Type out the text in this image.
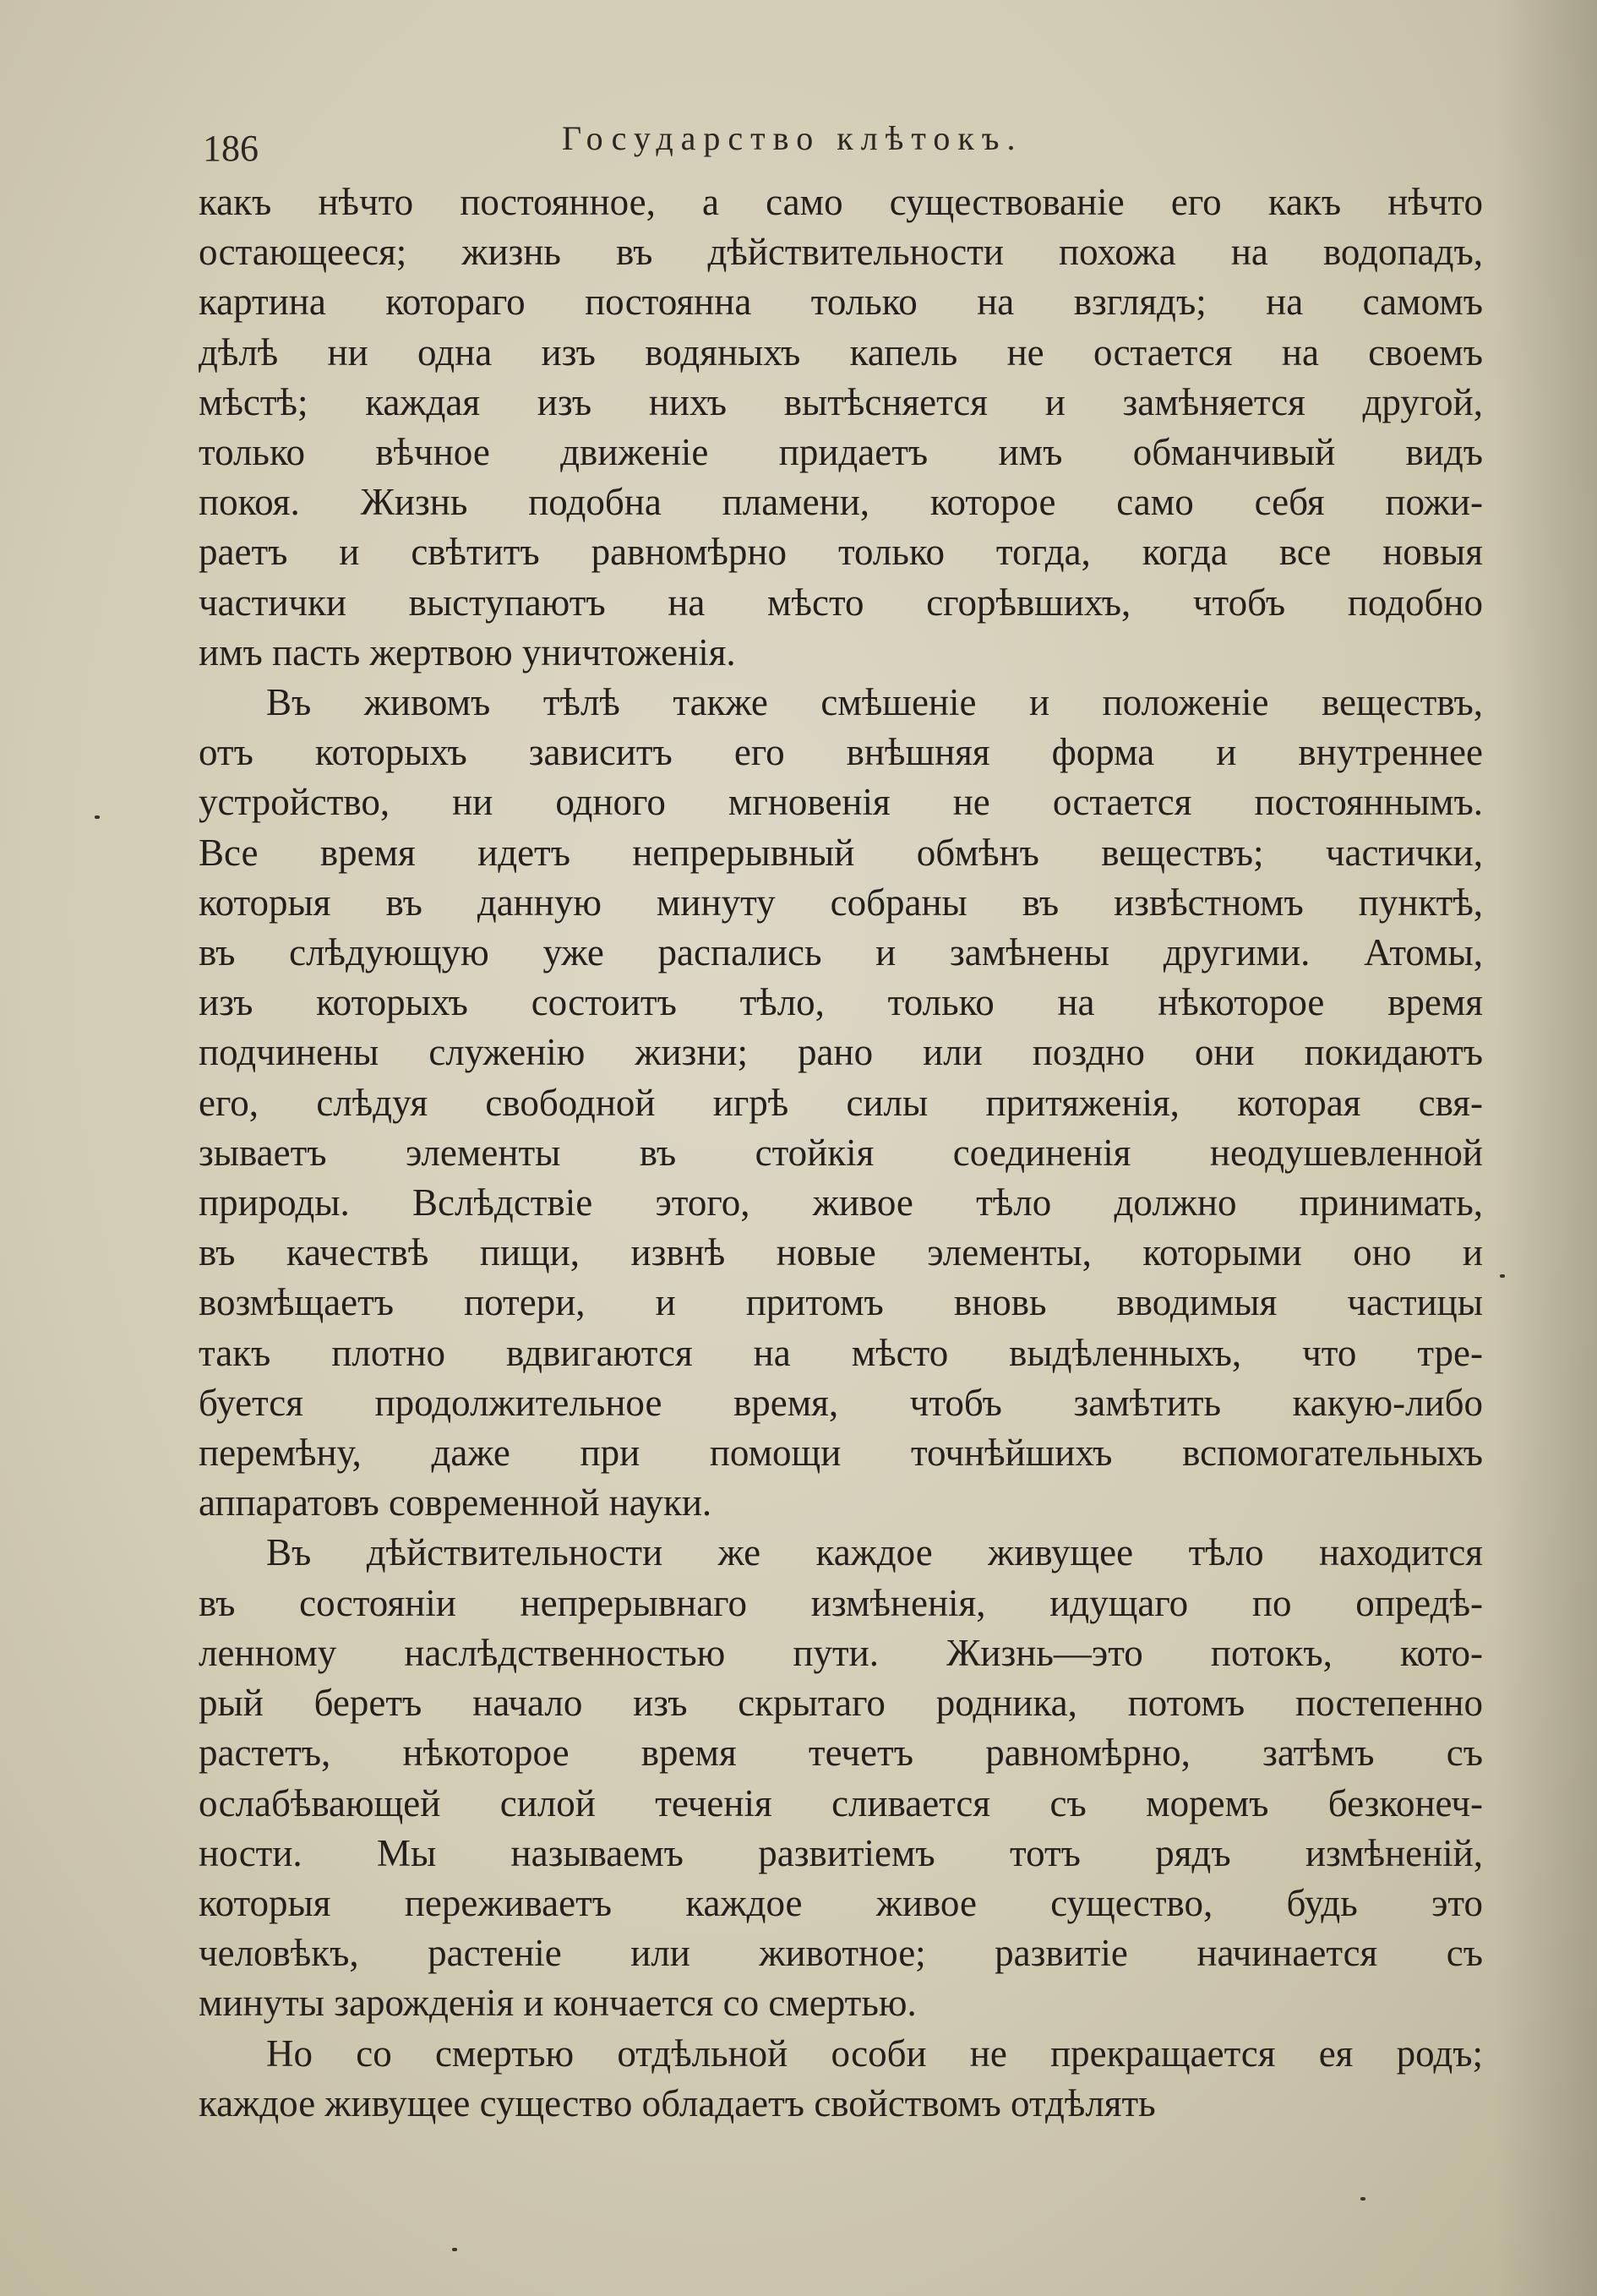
186	Государство клѣтокъ.

какъ нѣчто постоянное, а само существованіе его какъ нѣчто
остающееся; жизнь въ дѣйствительности похожа на водопадъ,
картина котораго постоянна только на взглядъ; на самомъ
дѣлѣ ни одна изъ водяныхъ капель не остается на своемъ
мѣстѣ; каждая изъ нихъ вытѣсняется и замѣняется другой,
только вѣчное движеніе придаетъ имъ обманчивый видъ
покоя. Жизнь подобна пламени, которое само себя пожи-
раетъ и свѣтитъ равномѣрно только тогда, когда все новыя
частички выступаютъ на мѣсто сгорѣвшихъ, чтобъ подобно
имъ пасть жертвою уничтоженія.

Въ живомъ тѣлѣ также смѣшеніе и положеніе веществъ,
отъ которыхъ зависитъ его внѣшняя форма и внутреннее
устройство, ни одного мгновенія не остается постояннымъ.
Все время идетъ непрерывный обмѣнъ веществъ; частички,
которыя въ данную минуту собраны въ извѣстномъ пунктѣ,
въ слѣдующую уже распались и замѣнены другими. Атомы,
изъ которыхъ состоитъ тѣло, только на нѣкоторое время
подчинены служенію жизни; рано или поздно они покидаютъ
его, слѣдуя свободной игрѣ силы притяженія, которая свя-
зываетъ элементы въ стойкія соединенія неодушевленной
природы. Вслѣдствіе этого, живое тѣло должно принимать,
въ качествѣ пищи, извнѣ новые элементы, которыми оно и
возмѣщаетъ потери, и притомъ вновь вводимыя частицы
такъ плотно вдвигаются на мѣсто выдѣленныхъ, что тре-
буется продолжительное время, чтобъ замѣтить какую-либо
перемѣну, даже при помощи точнѣйшихъ вспомогательныхъ
аппаратовъ современной науки.

Въ дѣйствительности же каждое живущее тѣло находится
въ состояніи непрерывнаго измѣненія, идущаго по опредѣ-
ленному наслѣдственностью пути. Жизнь—это потокъ, кото-
рый беретъ начало изъ скрытаго родника, потомъ постепенно
растетъ, нѣкоторое время течетъ равномѣрно, затѣмъ съ
ослабѣвающей силой теченія сливается съ моремъ безконеч-
ности. Мы называемъ развитіемъ тотъ рядъ измѣненій,
которыя переживаетъ каждое живое существо, будь это
человѣкъ, растеніе или животное; развитіе начинается съ
минуты зарожденія и кончается со смертью.

Но со смертью отдѣльной особи не прекращается ея родъ;
каждое живущее существо обладаетъ свойствомъ отдѣлять
